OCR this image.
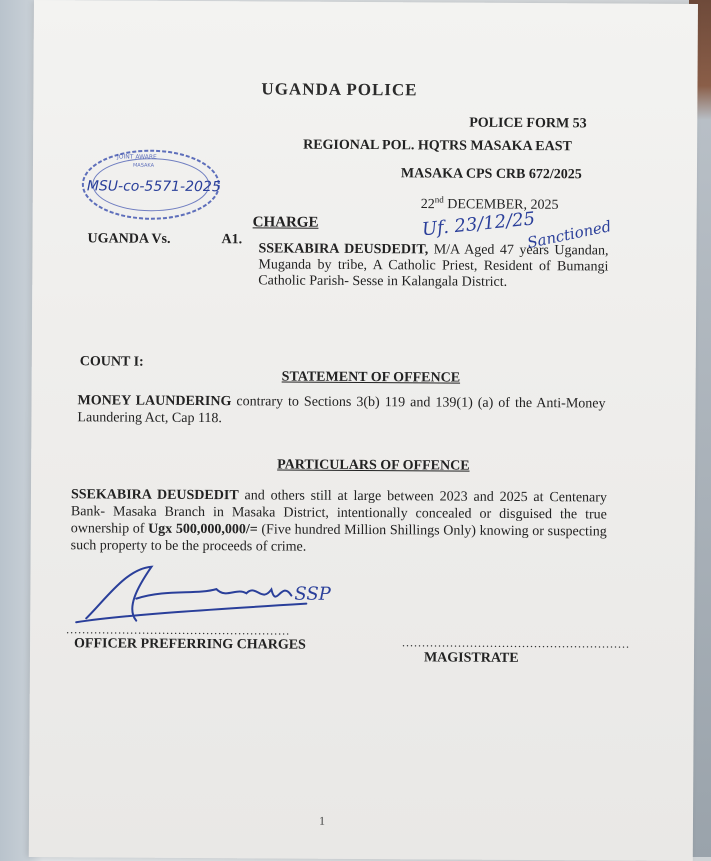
UGANDA POLICE
POLICE FORM 53
REGIONAL POL. HQTRS MASAKA EAST
MASAKA CPS CRB 672/2025
22nd DECEMBER, 2025
JOINT AWARE
MASAKA
MSU-co-5571-2025
CHARGE	Uf. 23/12/25
Sanctioned
UGANDA Vs.	A1.
SSEKABIRA DEUSDEDIT, M/A Aged 47 years Ugandan, Muganda by tribe, A Catholic Priest, Resident of Bumangi Catholic Parish- Sesse in Kalangala District.
COUNT I:
STATEMENT OF OFFENCE
MONEY LAUNDERING contrary to Sections 3(b) 119 and 139(1) (a) of the Anti-Money Laundering Act, Cap 118.
PARTICULARS OF OFFENCE
SSEKABIRA DEUSDEDIT and others still at large between 2023 and 2025 at Centenary Bank- Masaka Branch in Masaka District, intentionally concealed or disguised the true ownership of Ugx 500,000,000/= (Five hundred Million Shillings Only) knowing or suspecting such property to be the proceeds of crime.
SSP
........................................................
OFFICER PREFERRING CHARGES	.........................................................
MAGISTRATE
1
